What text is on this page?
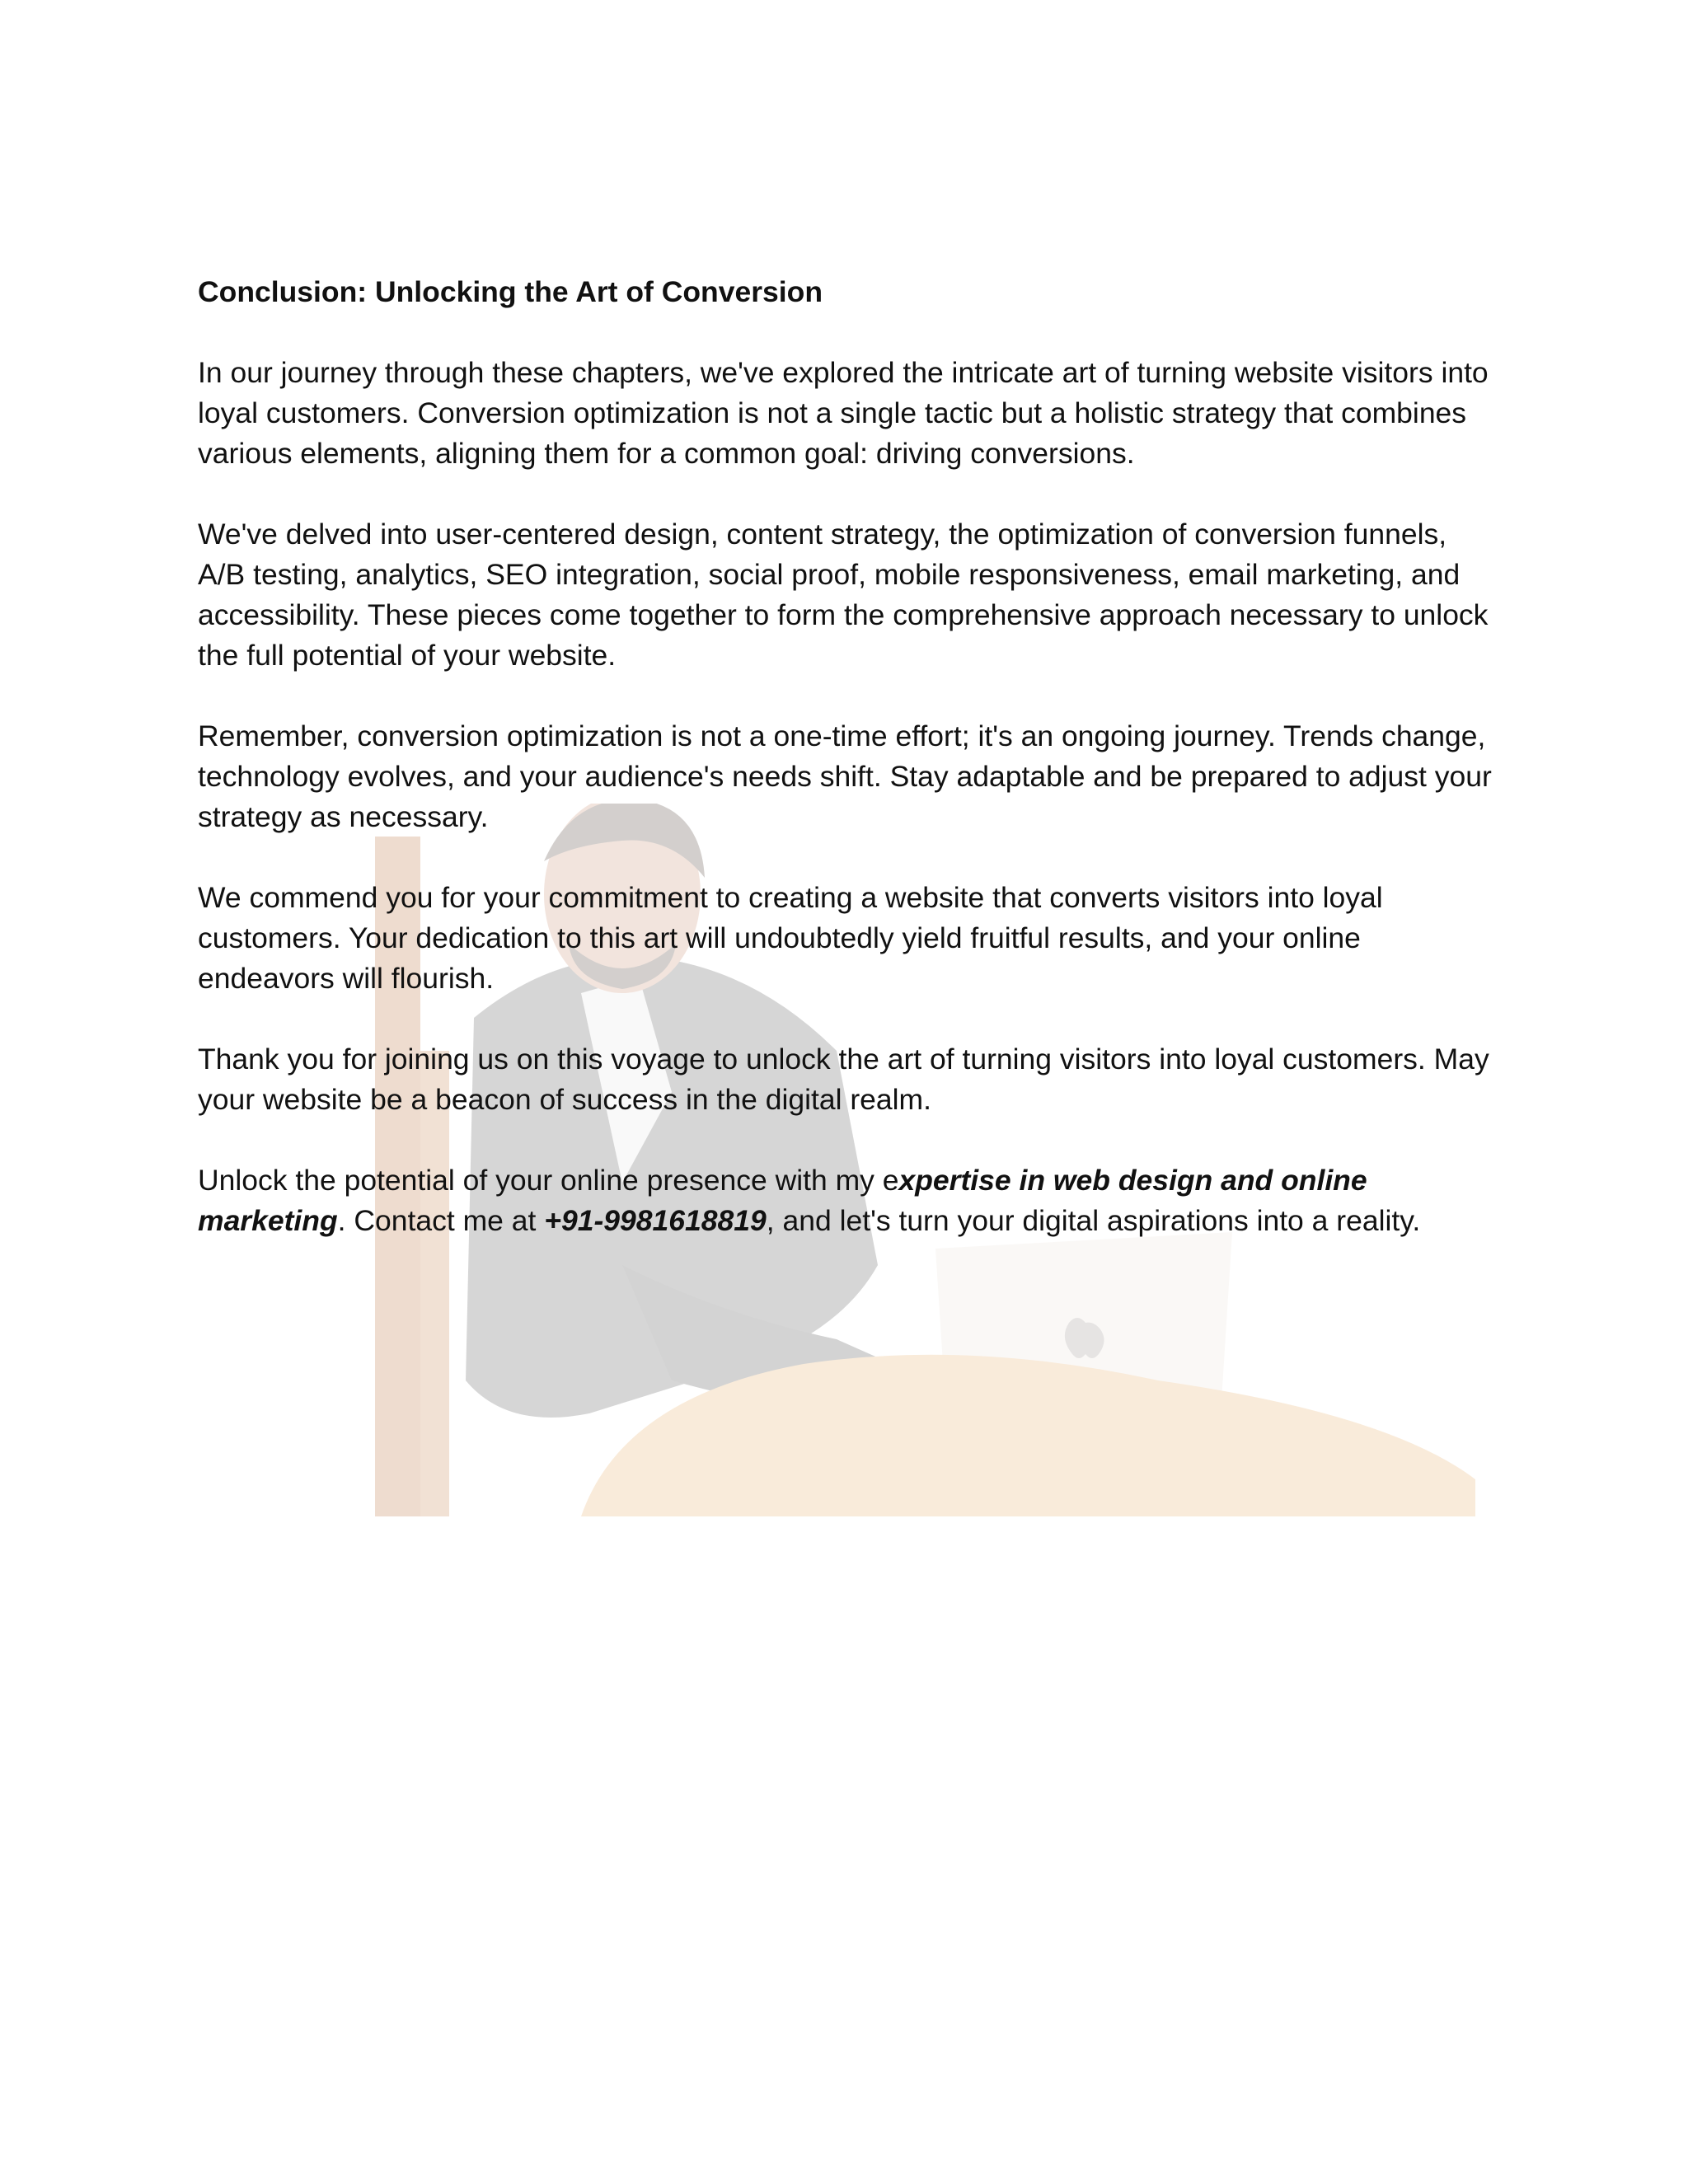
Conclusion: Unlocking the Art of Conversion

In our journey through these chapters, we've explored the intricate art of turning website visitors into loyal customers. Conversion optimization is not a single tactic but a holistic strategy that combines various elements, aligning them for a common goal: driving conversions.

We've delved into user-centered design, content strategy, the optimization of conversion funnels, A/B testing, analytics, SEO integration, social proof, mobile responsiveness, email marketing, and accessibility. These pieces come together to form the comprehensive approach necessary to unlock the full potential of your website.

Remember, conversion optimization is not a one-time effort; it's an ongoing journey. Trends change, technology evolves, and your audience's needs shift. Stay adaptable and be prepared to adjust your strategy as necessary.

We commend you for your commitment to creating a website that converts visitors into loyal customers. Your dedication to this art will undoubtedly yield fruitful results, and your online endeavors will flourish.

Thank you for joining us on this voyage to unlock the art of turning visitors into loyal customers. May your website be a beacon of success in the digital realm.

Unlock the potential of your online presence with my expertise in web design and online marketing. Contact me at +91-9981618819, and let's turn your digital aspirations into a reality.
